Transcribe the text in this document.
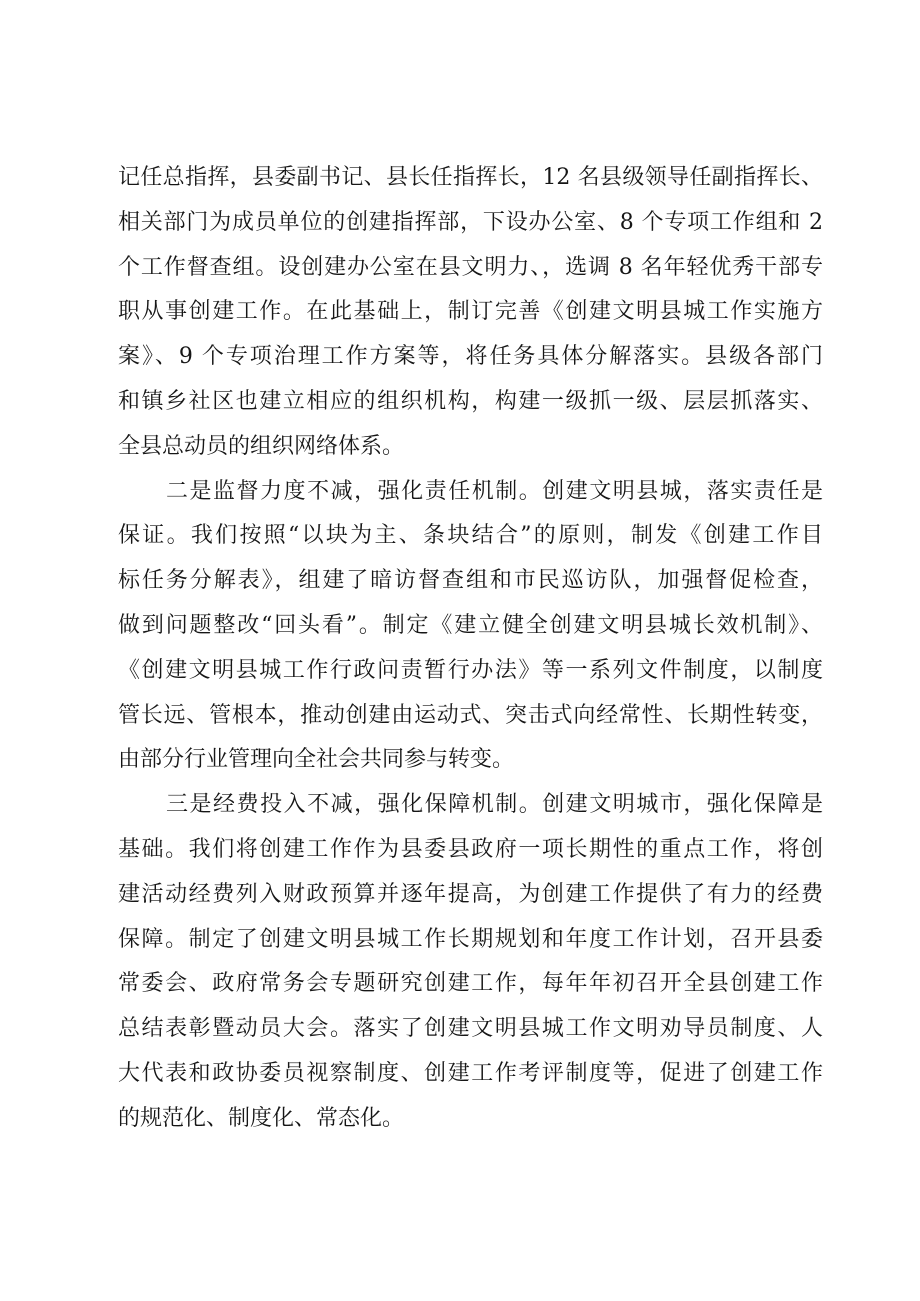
记任总指挥，县委副书记、县长任指挥长，12 名县级领导任副指挥长、
相关部门为成员单位的创建指挥部，下设办公室、8 个专项工作组和 2
个工作督查组。设创建办公室在县文明力、，选调 8 名年轻优秀干部专
职从事创建工作。在此基础上，制订完善《创建文明县城工作实施方
案》、9 个专项治理工作方案等，将任务具体分解落实。县级各部门
和镇乡社区也建立相应的组织机构，构建一级抓一级、层层抓落实、
全县总动员的组织网络体系。
二是监督力度不减，强化责任机制。创建文明县城，落实责任是
保证。我们按照“以块为主、条块结合”的原则，制发《创建工作目
标任务分解表》，组建了暗访督查组和市民巡访队，加强督促检查，
做到问题整改“回头看”。制定《建立健全创建文明县城长效机制》、
《创建文明县城工作行政问责暂行办法》等一系列文件制度，以制度
管长远、管根本，推动创建由运动式、突击式向经常性、长期性转变，
由部分行业管理向全社会共同参与转变。
三是经费投入不减，强化保障机制。创建文明城市，强化保障是
基础。我们将创建工作作为县委县政府一项长期性的重点工作，将创
建活动经费列入财政预算并逐年提高，为创建工作提供了有力的经费
保障。制定了创建文明县城工作长期规划和年度工作计划，召开县委
常委会、政府常务会专题研究创建工作，每年年初召开全县创建工作
总结表彰暨动员大会。落实了创建文明县城工作文明劝导员制度、人
大代表和政协委员视察制度、创建工作考评制度等，促进了创建工作
的规范化、制度化、常态化。
